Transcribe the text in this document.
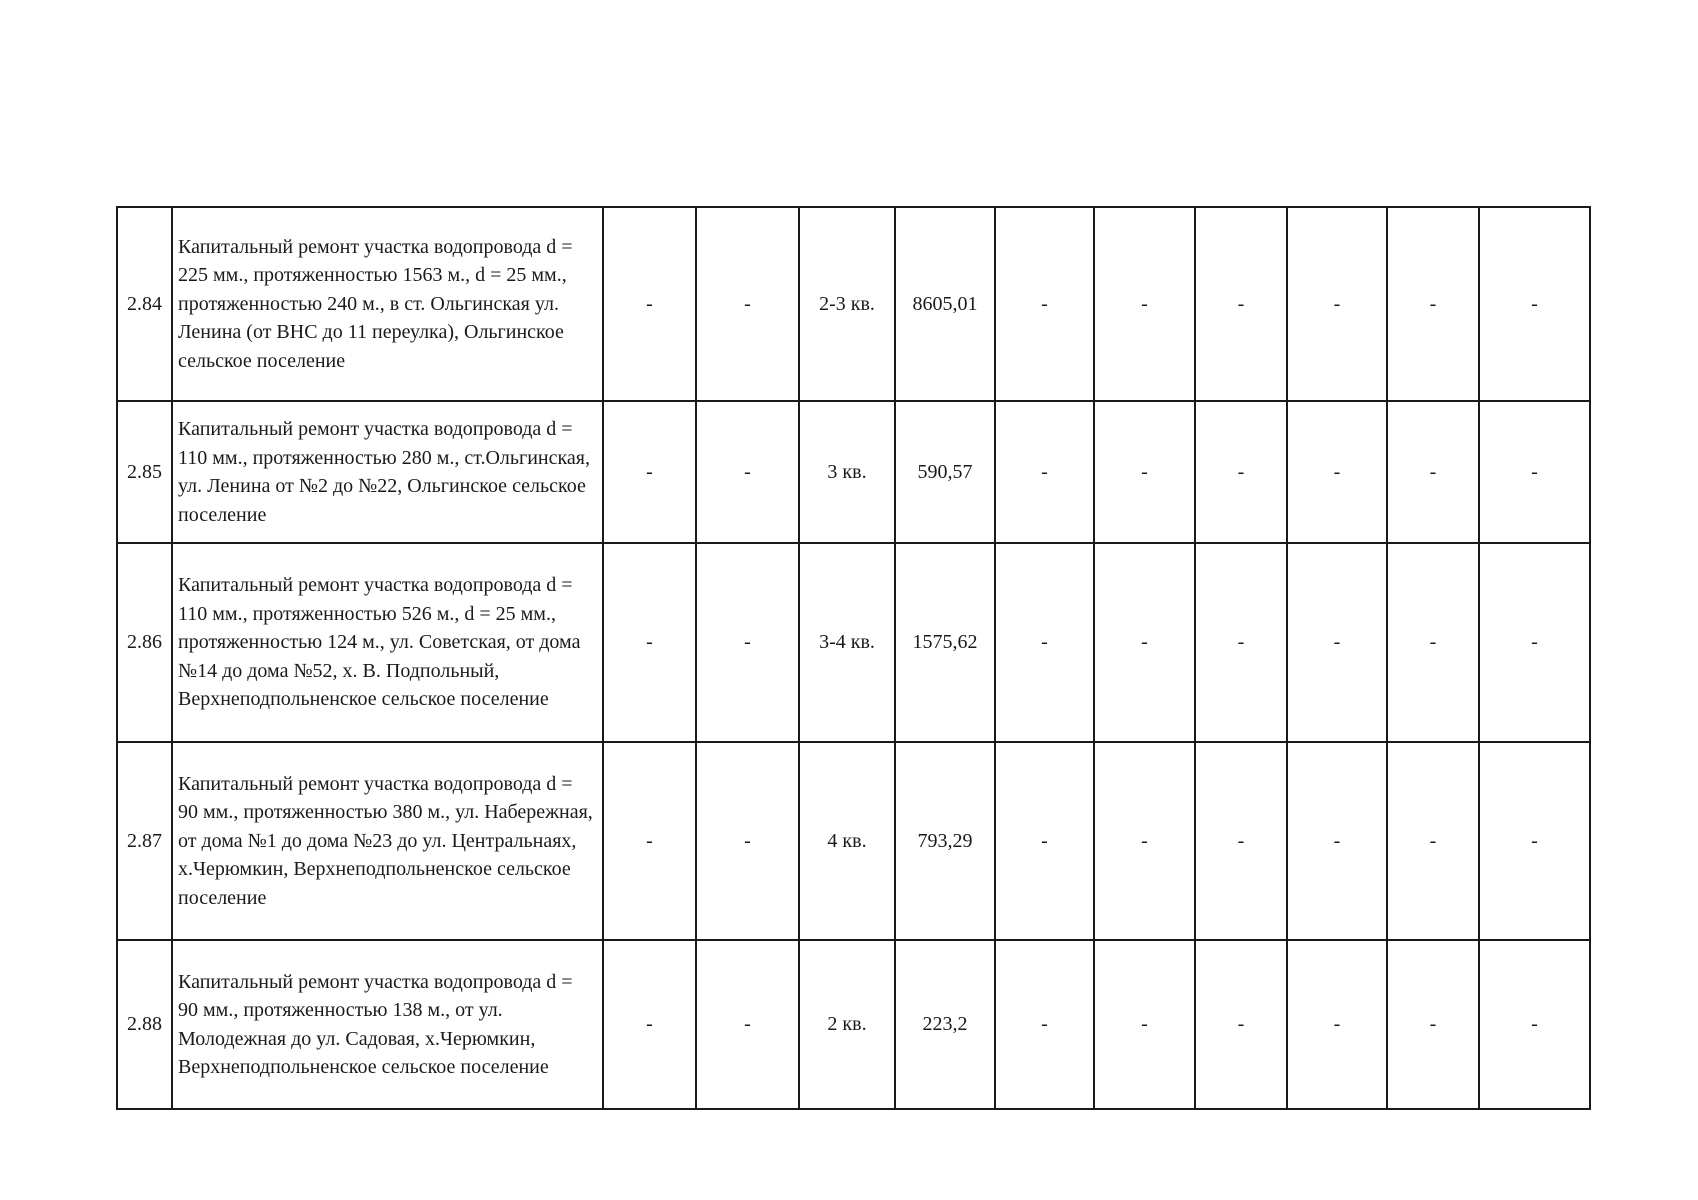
2.84	Капитальный ремонт участка водопровода d = 225 мм., протяженностью 1563 м., d = 25 мм., протяженностью 240 м., в ст. Ольгинская ул. Ленина (от ВНС до 11 переулка), Ольгинское сельское поселение	-	-	2-3 кв.	8605,01	-	-	-	-	-	-
2.85	Капитальный ремонт участка водопровода d = 110 мм., протяженностью 280 м., ст.Ольгинская, ул. Ленина от №2 до №22, Ольгинское сельское поселение	-	-	3 кв.	590,57	-	-	-	-	-	-
2.86	Капитальный ремонт участка водопровода d = 110 мм., протяженностью 526 м., d = 25 мм., протяженностью 124 м., ул. Советская, от дома №14 до дома №52, х. В. Подпольный, Верхнеподпольненское сельское поселение	-	-	3-4 кв.	1575,62	-	-	-	-	-	-
2.87	Капитальный ремонт участка водопровода d = 90 мм., протяженностью 380 м., ул. Набережная, от дома №1 до дома №23 до ул. Центральнаях, х.Черюмкин, Верхнеподпольненское сельское поселение	-	-	4 кв.	793,29	-	-	-	-	-	-
2.88	Капитальный ремонт участка водопровода d = 90 мм., протяженностью 138 м., от ул. Молодежная до ул. Садовая, х.Черюмкин, Верхнеподпольненское сельское поселение	-	-	2 кв.	223,2	-	-	-	-	-	-
